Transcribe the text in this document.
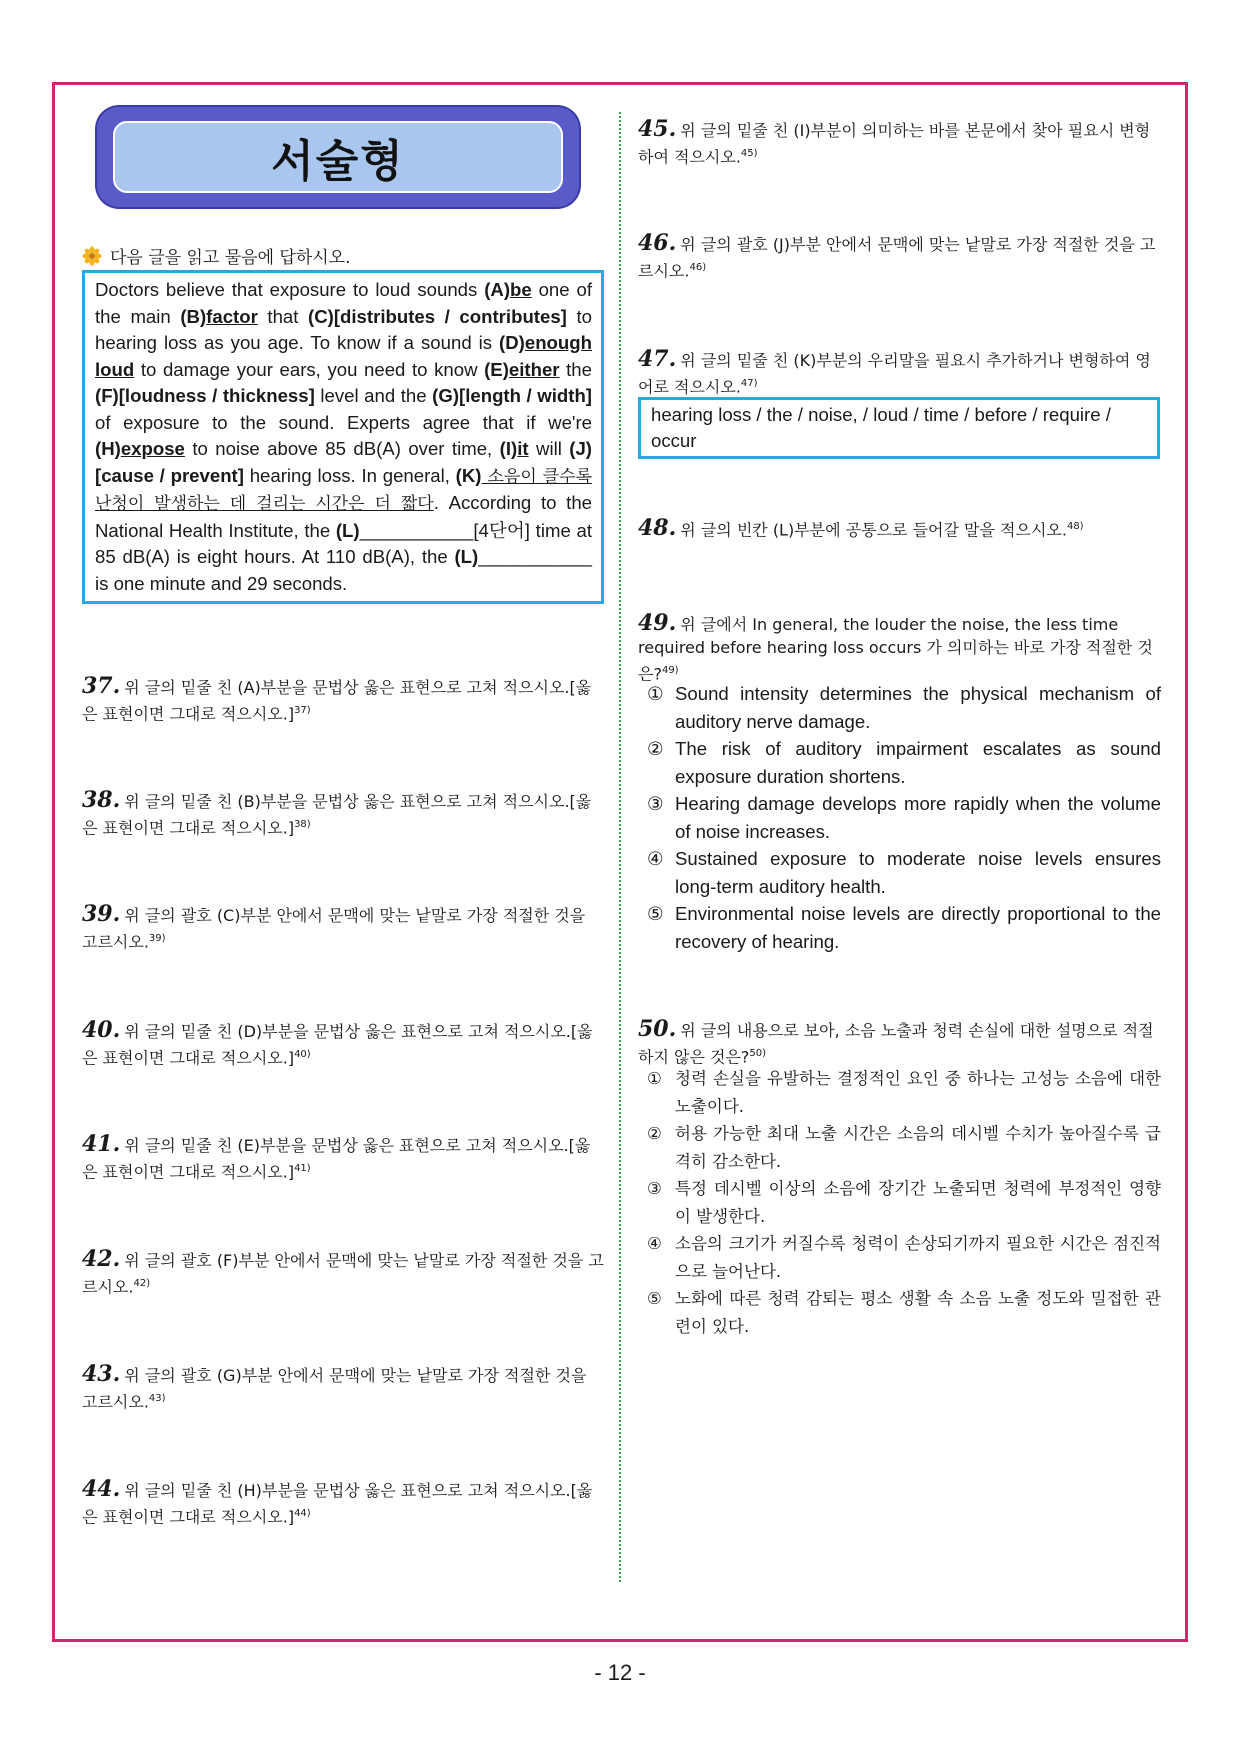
서술형
다음 글을 읽고 물음에 답하시오.
Doctors believe that exposure to loud sounds (A)be one of the main (B)factor that (C)[distributes / contributes] to hearing loss as you age. To know if a sound is (D)enough loud to damage your ears, you need to know (E)either the (F)[loudness / thickness] level and the (G)[length / width] of exposure to the sound. Experts agree that if we're (H)expose to noise above 85 dB(A) over time, (I)it will (J)[cause / prevent] hearing loss. In general, (K) 소음이 클수록 난청이 발생하는 데 걸리는 시간은 더 짧다. According to the National Health Institute, the (L)___________[4단어] time at 85 dB(A) is eight hours. At 110 dB(A), the (L)___________ is one minute and 29 seconds.
37. 위 글의 밑줄 친 (A)부분을 문법상 옳은 표현으로 고쳐 적으시오.[옳은 표현이면 그대로 적으시오.]$^{37)}$
38. 위 글의 밑줄 친 (B)부분을 문법상 옳은 표현으로 고쳐 적으시오.[옳은 표현이면 그대로 적으시오.]$^{38)}$
39. 위 글의 괄호 (C)부분 안에서 문맥에 맞는 낱말로 가장 적절한 것을 고르시오.$^{39)}$
40. 위 글의 밑줄 친 (D)부분을 문법상 옳은 표현으로 고쳐 적으시오.[옳은 표현이면 그대로 적으시오.]$^{40)}$
41. 위 글의 밑줄 친 (E)부분을 문법상 옳은 표현으로 고쳐 적으시오.[옳은 표현이면 그대로 적으시오.]$^{41)}$
42. 위 글의 괄호 (F)부분 안에서 문맥에 맞는 낱말로 가장 적절한 것을 고르시오.$^{42)}$
43. 위 글의 괄호 (G)부분 안에서 문맥에 맞는 낱말로 가장 적절한 것을 고르시오.$^{43)}$
44. 위 글의 밑줄 친 (H)부분을 문법상 옳은 표현으로 고쳐 적으시오.[옳은 표현이면 그대로 적으시오.]$^{44)}$
45. 위 글의 밑줄 친 (I)부분이 의미하는 바를 본문에서 찾아 필요시 변형하여 적으시오.$^{45)}$
46. 위 글의 괄호 (J)부분 안에서 문맥에 맞는 낱말로 가장 적절한 것을 고르시오.$^{46)}$
47. 위 글의 밑줄 친 (K)부분의 우리말을 필요시 추가하거나 변형하여 영어로 적으시오.$^{47)}$
hearing loss / the / noise, / loud / time / before / require / occur
48. 위 글의 빈칸 (L)부분에 공통으로 들어갈 말을 적으시오.$^{48)}$
49. 위 글에서 In general, the louder the noise, the less time required before hearing loss occurs 가 의미하는 바로 가장 적절한 것은?$^{49)}$
① Sound intensity determines the physical mechanism of auditory nerve damage.
② The risk of auditory impairment escalates as sound exposure duration shortens.
③ Hearing damage develops more rapidly when the volume of noise increases.
④ Sustained exposure to moderate noise levels ensures long-term auditory health.
⑤ Environmental noise levels are directly proportional to the recovery of hearing.
50. 위 글의 내용으로 보아, 소음 노출과 청력 손실에 대한 설명으로 적절하지 않은 것은?$^{50)}$
① 청력 손실을 유발하는 결정적인 요인 중 하나는 고성능 소음에 대한 노출이다.
② 허용 가능한 최대 노출 시간은 소음의 데시벨 수치가 높아질수록 급격히 감소한다.
③ 특정 데시벨 이상의 소음에 장기간 노출되면 청력에 부정적인 영향이 발생한다.
④ 소음의 크기가 커질수록 청력이 손상되기까지 필요한 시간은 점진적으로 늘어난다.
⑤ 노화에 따른 청력 감퇴는 평소 생활 속 소음 노출 정도와 밀접한 관련이 있다.
- 12 -
